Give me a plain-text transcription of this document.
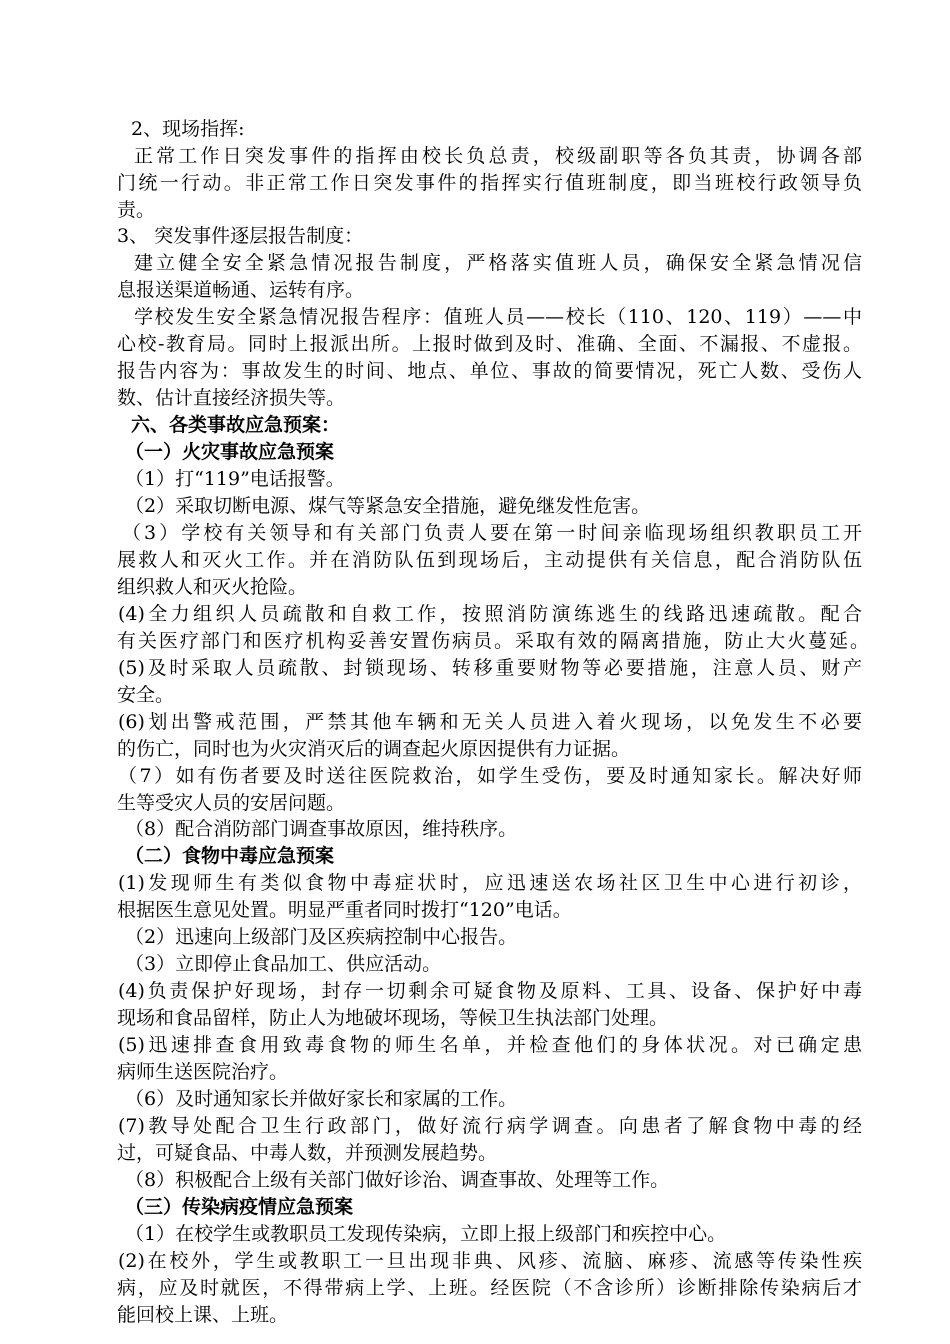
2、现场指挥:
正常工作日突发事件的指挥由校长负总责，校级副职等各负其责，协调各部
门统一行动。非正常工作日突发事件的指挥实行值班制度，即当班校行政领导负
责。
3、 突发事件逐层报告制度：
建立健全安全紧急情况报告制度，严格落实值班人员，确保安全紧急情况信
息报送渠道畅通、运转有序。
学校发生安全紧急情况报告程序：值班人员——校长（110、120、119）——中
心校-教育局。同时上报派出所。上报时做到及时、准确、全面、不漏报、不虚报。
报告内容为：事故发生的时间、地点、单位、事故的简要情况，死亡人数、受伤人
数、估计直接经济损失等。
六、各类事故应急预案：
（一）火灾事故应急预案
（1）打“119”电话报警。
（2）采取切断电源、煤气等紧急安全措施，避免继发性危害。
（3）学校有关领导和有关部门负责人要在第一时间亲临现场组织教职员工开
展救人和灭火工作。并在消防队伍到现场后，主动提供有关信息，配合消防队伍
组织救人和灭火抢险。
(4)全力组织人员疏散和自救工作，按照消防演练逃生的线路迅速疏散。配合
有关医疗部门和医疗机构妥善安置伤病员。采取有效的隔离措施，防止大火蔓延。
(5)及时采取人员疏散、封锁现场、转移重要财物等必要措施，注意人员、财产
安全。
(6)划出警戒范围，严禁其他车辆和无关人员进入着火现场，以免发生不必要
的伤亡，同时也为火灾消灭后的调查起火原因提供有力证据。
（7）如有伤者要及时送往医院救治，如学生受伤，要及时通知家长。解决好师
生等受灾人员的安居问题。
（8）配合消防部门调查事故原因，维持秩序。
（二）食物中毒应急预案
(1)发现师生有类似食物中毒症状时，应迅速送农场社区卫生中心进行初诊，
根据医生意见处置。明显严重者同时拨打“120”电话。
（2）迅速向上级部门及区疾病控制中心报告。
（3）立即停止食品加工、供应活动。
(4)负责保护好现场，封存一切剩余可疑食物及原料、工具、设备、保护好中毒
现场和食品留样，防止人为地破坏现场，等候卫生执法部门处理。
(5)迅速排查食用致毒食物的师生名单，并检查他们的身体状况。对已确定患
病师生送医院治疗。
（6）及时通知家长并做好家长和家属的工作。
(7)教导处配合卫生行政部门，做好流行病学调查。向患者了解食物中毒的经
过，可疑食品、中毒人数，并预测发展趋势。
（8）积极配合上级有关部门做好诊治、调查事故、处理等工作。
（三）传染病疫情应急预案
（1）在校学生或教职员工发现传染病，立即上报上级部门和疾控中心。
(2)在校外，学生或教职工一旦出现非典、风疹、流脑、麻疹、流感等传染性疾
病，应及时就医，不得带病上学、上班。经医院（不含诊所）诊断排除传染病后才
能回校上课、上班。
